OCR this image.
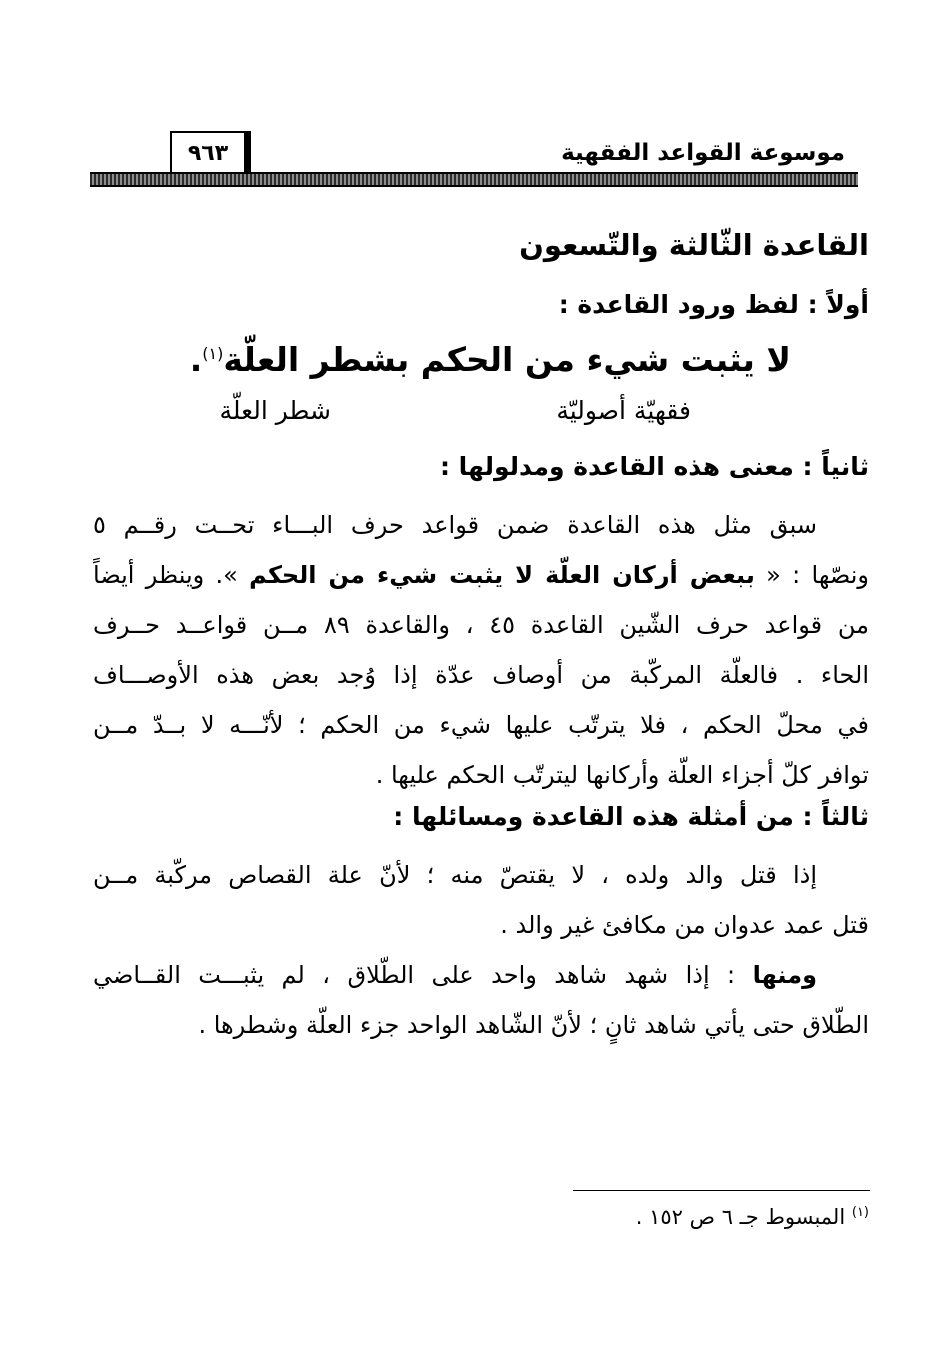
موسوعة القواعد الفقهية
٩٦٣
القاعدة الثّالثة والتّسعون
أولاً : لفظ ورود القاعدة :
لا يثبت شيء من الحكم بشطر العلّة$^{(١)}$.
فقهيّة أصوليّة
شطر العلّة
ثانياً : معنى هذه القاعدة ومدلولها :
سبق مثل هذه القاعدة ضمن قواعد حرف البـــاء تحــت رقــم ٥
ونصّها : « ببعض أركان العلّة لا يثبت شيء من الحكم ». وينظر أيضاً
من قواعد حرف الشّين القاعدة ٤٥ ، والقاعدة ٨٩ مــن قواعــد حــرف
الحاء . فالعلّة المركّبة من أوصاف عدّة إذا وُجد بعض هذه الأوصـــاف
في محلّ الحكم ، فلا يترتّب عليها شيء من الحكم ؛ لأنّـــه لا بــدّ مــن
توافر كلّ أجزاء العلّة وأركانها ليترتّب الحكم عليها .
ثالثاً : من أمثلة هذه القاعدة ومسائلها :
إذا قتل والد ولده ، لا يقتصّ منه ؛ لأنّ علة القصاص مركّبة مــن
قتل عمد عدوان من مكافئ غير والد .
ومنها : إذا شهد شاهد واحد على الطّلاق ، لم يثبـــت القــاضي
الطّلاق حتى يأتي شاهد ثانٍ ؛ لأنّ الشّاهد الواحد جزء العلّة وشطرها .
$^{(١)}$ المبسوط جـ ٦ ص ١٥٢ .
